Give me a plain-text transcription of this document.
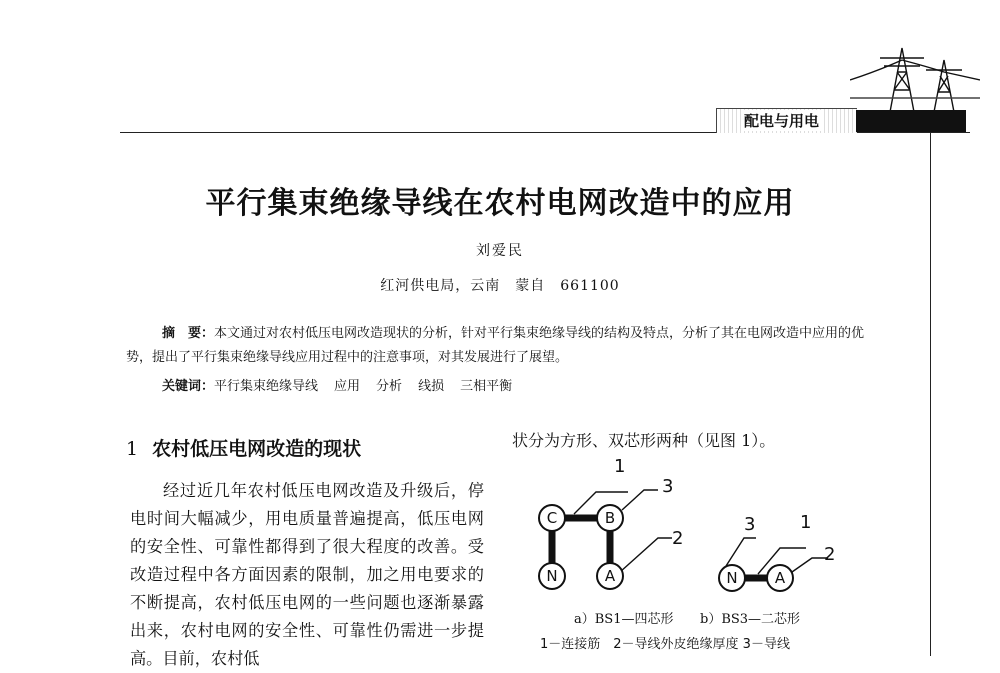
配电与用电
平行集束绝缘导线在农村电网改造中的应用
刘爱民
红河供电局，云南　蒙自　661100
摘　要：本文通过对农村低压电网改造现状的分析，针对平行集束绝缘导线的结构及特点，分析了其在电网改造中应用的优势，提出了平行集束绝缘导线应用过程中的注意事项，对其发展进行了展望。
关键词：平行集束绝缘导线 应用 分析 线损 三相平衡
1 农村低压电网改造的现状
经过近几年农村低压电网改造及升级后，停电时间大幅减少，用电质量普遍提高，低压电网的安全性、可靠性都得到了很大程度的改善。受改造过程中各方面因素的限制，加之用电要求的不断提高，农村低压电网的一些问题也逐渐暴露出来，农村电网的安全性、可靠性仍需进一步提高。目前，农村低
状分为方形、双芯形两种（见图 1）。
C	B
N	A	N A
1
3
2
3 1
2
a）BS1—四芯形 b）BS3—二芯形
1－连接筋　2－导线外皮绝缘厚度 3－导线
